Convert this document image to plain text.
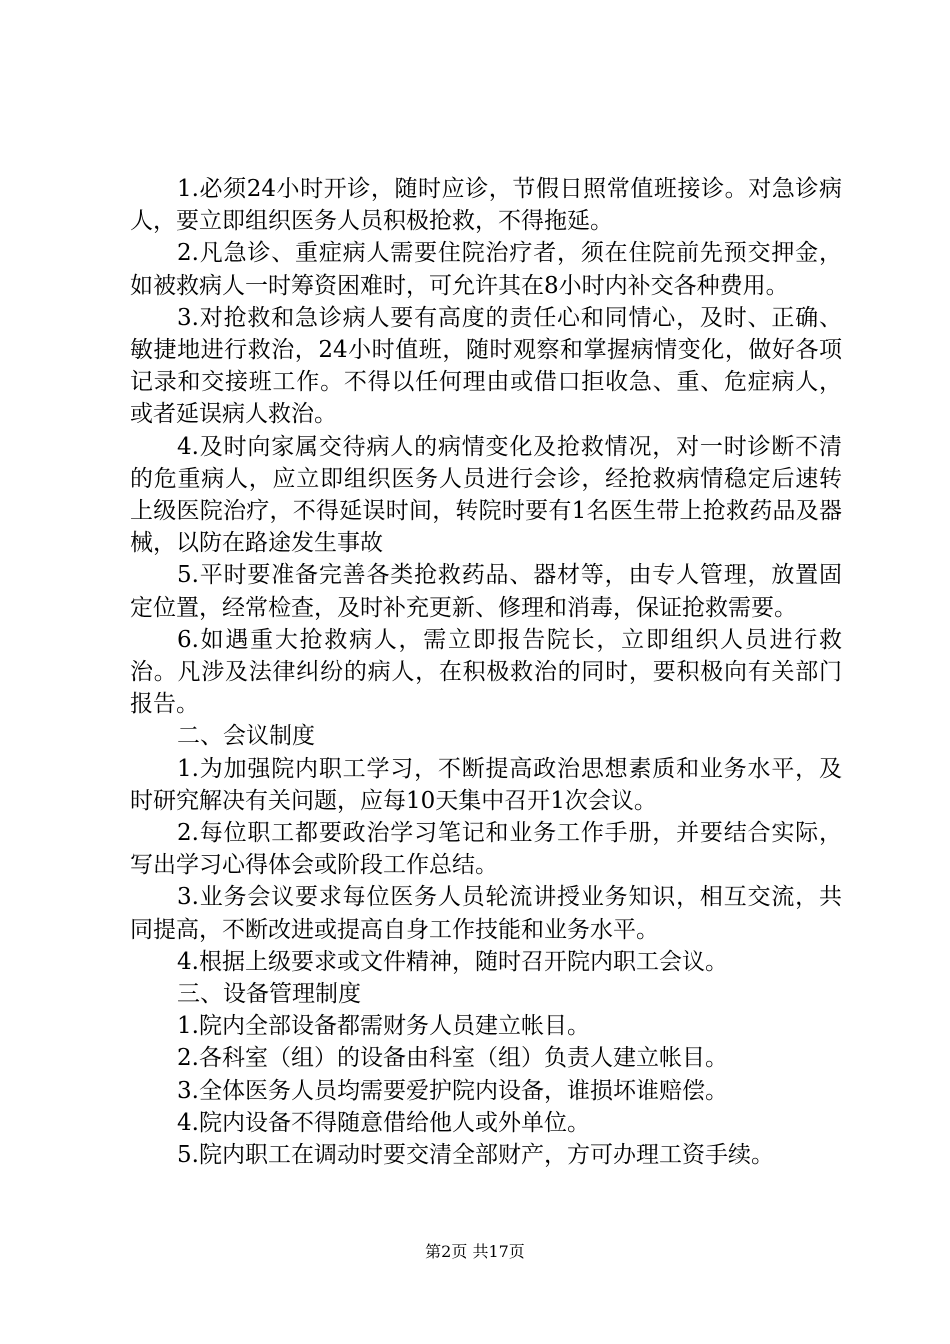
1.必须24小时开诊，随时应诊，节假日照常值班接诊。对急诊病人，要立即组织医务人员积极抢救，不得拖延。

2.凡急诊、重症病人需要住院治疗者，须在住院前先预交押金，如被救病人一时筹资困难时，可允许其在8小时内补交各种费用。

3.对抢救和急诊病人要有高度的责任心和同情心，及时、正确、敏捷地进行救治，24小时值班，随时观察和掌握病情变化，做好各项记录和交接班工作。不得以任何理由或借口拒收急、重、危症病人，或者延误病人救治。

4.及时向家属交待病人的病情变化及抢救情况，对一时诊断不清的危重病人，应立即组织医务人员进行会诊，经抢救病情稳定后速转上级医院治疗，不得延误时间，转院时要有1名医生带上抢救药品及器械，以防在路途发生事故

5.平时要准备完善各类抢救药品、器材等，由专人管理，放置固定位置，经常检查，及时补充更新、修理和消毒，保证抢救需要。

6.如遇重大抢救病人，需立即报告院长，立即组织人员进行救治。凡涉及法律纠纷的病人，在积极救治的同时，要积极向有关部门报告。

二、会议制度

1.为加强院内职工学习，不断提高政治思想素质和业务水平，及时研究解决有关问题，应每10天集中召开1次会议。

2.每位职工都要政治学习笔记和业务工作手册，并要结合实际，写出学习心得体会或阶段工作总结。

3.业务会议要求每位医务人员轮流讲授业务知识，相互交流，共同提高，不断改进或提高自身工作技能和业务水平。

4.根据上级要求或文件精神，随时召开院内职工会议。

三、设备管理制度

1.院内全部设备都需财务人员建立帐目。

2.各科室（组）的设备由科室（组）负责人建立帐目。

3.全体医务人员均需要爱护院内设备，谁损坏谁赔偿。

4.院内设备不得随意借给他人或外单位。

5.院内职工在调动时要交清全部财产，方可办理工资手续。

第2页 共17页
